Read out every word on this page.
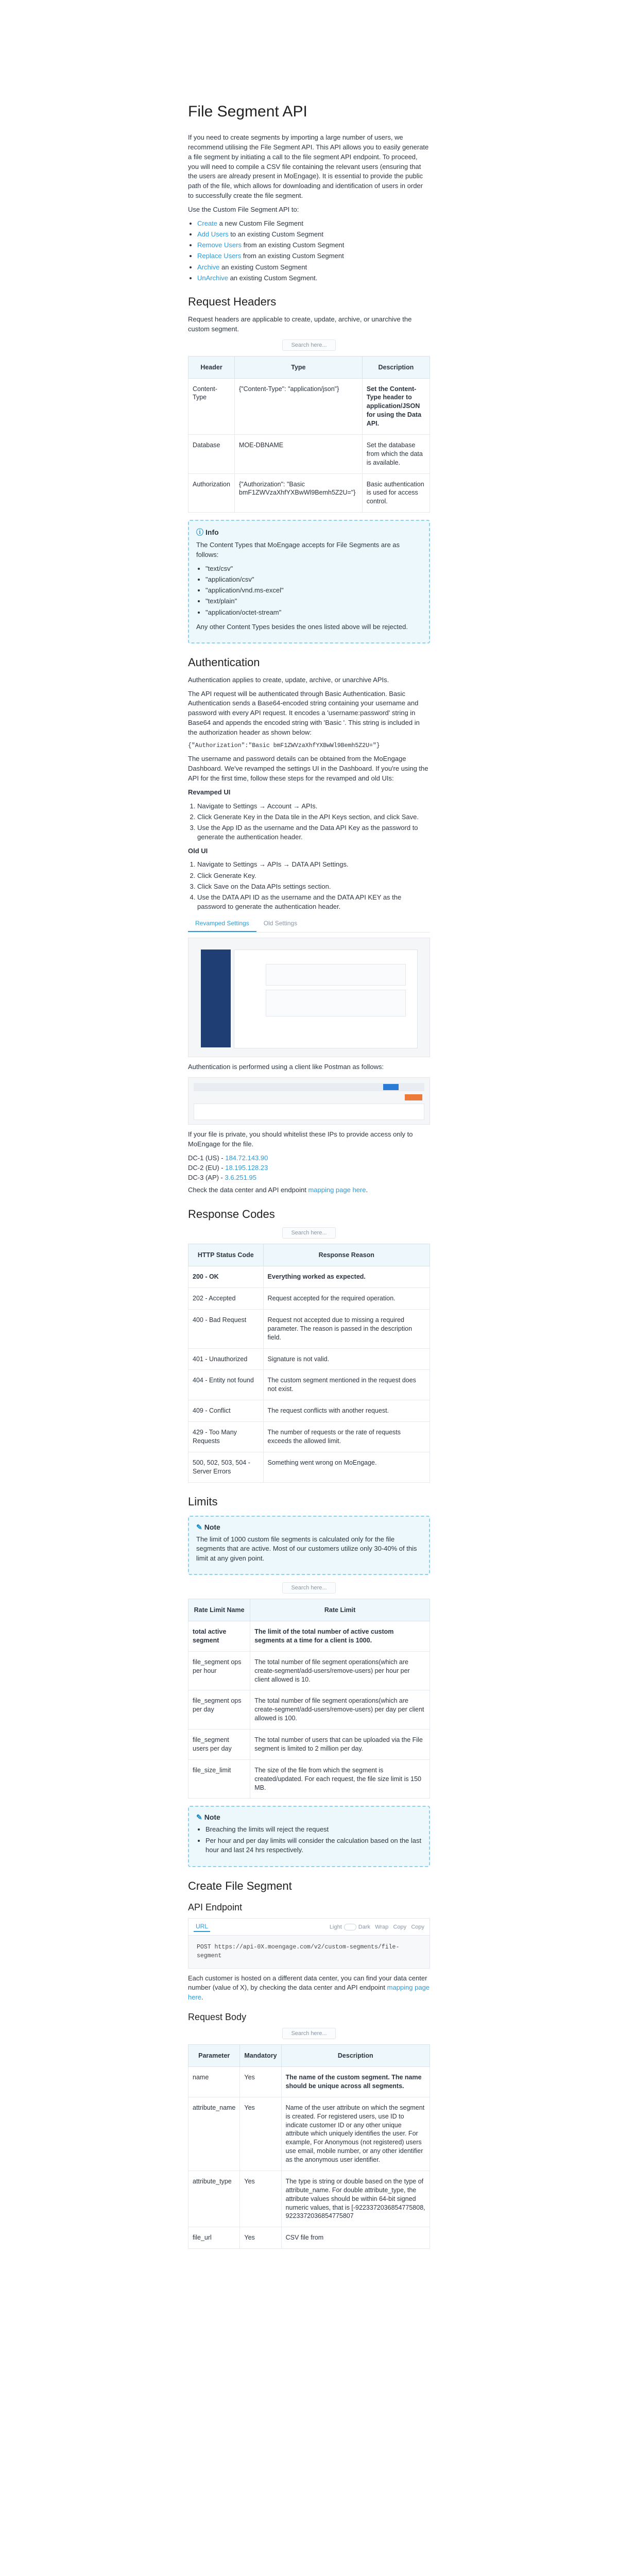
File Segment API

If you need to create segments by importing a large number of users, we recommend utilising the File Segment API. This API allows you to easily generate a file segment by initiating a call to the file segment API endpoint. To proceed, you will need to compile a CSV file containing the relevant users (ensuring that the users are already present in MoEngage). It is essential to provide the public path of the file, which allows for downloading and identification of users in order to successfully create the file segment.

Use the Custom File Segment API to:

• Create a new Custom File Segment
• Add Users to an existing Custom Segment
• Remove Users from an existing Custom Segment
• Replace Users from an existing Custom Segment
• Archive an existing Custom Segment
• UnArchive an existing Custom Segment.
Request Headers

Request headers are applicable to create, update, archive, or unarchive the custom segment.

Search here...
Header	Type	Description
Content-Type	{"Content-Type": "application/json"}	Set the Content-Type header to application/JSON for using the Data API.
Database	MOE-DBNAME	Set the database from which the data is available.
Authorization	{"Authorization": "Basic bmF1ZWVzaXhfYXBwWl9Bemh5Z2U="}	Basic authentication is used for access control.
ⓘ Info

The Content Types that MoEngage accepts for File Segments are as follows:

• "text/csv"
• "application/csv"
• "application/vnd.ms-excel"
• "text/plain"
• "application/octet-stream"

Any other Content Types besides the ones listed above will be rejected.

Authentication

Authentication applies to create, update, archive, or unarchive APIs.

The API request will be authenticated through Basic Authentication. Basic Authentication sends a Base64-encoded string containing your username and password with every API request. It encodes a 'username:password' string in Base64 and appends the encoded string with 'Basic '. This string is included in the authorization header as shown below:

{"Authorization":"Basic bmF1ZWVzaXhfYXBwWl9Bemh5Z2U="}

The username and password details can be obtained from the MoEngage Dashboard. We've revamped the settings UI in the Dashboard. If you're using the API for the first time, follow these steps for the revamped and old UIs:

Revamped UI

1. Navigate to Settings → Account → APIs.
2. Click Generate Key in the Data tile in the API Keys section, and click Save.
3. Use the App ID as the username and the Data API Key as the password to generate the authentication header.

Old UI

1. Navigate to Settings → APIs → DATA API Settings.
2. Click Generate Key.
3. Click Save on the Data APIs settings section.
4. Use the DATA API ID as the username and the DATA API KEY as the password to generate the authentication header.
Revamped Settings	Old Settings

Authentication is performed using a client like Postman as follows:

If your file is private, you should whitelist these IPs to provide access only to MoEngage for the file.

DC-1 (US) - 184.72.143.90

DC-2 (EU) - 18.195.128.23

DC-3 (AP) - 3.6.251.95

Check the data center and API endpoint mapping page here.

Response Codes
Search here...
HTTP Status Code	Response Reason
200 - OK	Everything worked as expected.
202 - Accepted	Request accepted for the required operation.
400 - Bad Request	Request not accepted due to missing a required parameter. The reason is passed in the description field.
401 - Unauthorized	Signature is not valid.
404 - Entity not found	The custom segment mentioned in the request does not exist.
409 - Conflict	The request conflicts with another request.
429 - Too Many Requests	The number of requests or the rate of requests exceeds the allowed limit.
500, 502, 503, 504 - Server Errors	Something went wrong on MoEngage.
Limits
✎ Note

The limit of 1000 custom file segments is calculated only for the file segments that are active. Most of our customers utilize only 30-40% of this limit at any given point.

Search here...
Rate Limit Name	Rate Limit
total active segment	The limit of the total number of active custom segments at a time for a client is 1000.
file_segment ops per hour	The total number of file segment operations(which are create-segment/add-users/remove-users) per hour per client allowed is 10.
file_segment ops per day	The total number of file segment operations(which are create-segment/add-users/remove-users) per day per client allowed is 100.
file_segment users per day	The total number of users that can be uploaded via the File segment is limited to 2 million per day.
file_size_limit	The size of the file from which the segment is created/updated. For each request, the file size limit is 150 MB.
✎ Note
• Breaching the limits will reject the request
• Per hour and per day limits will consider the calculation based on the last hour and last 24 hrs respectively.
Create File Segment
API Endpoint
URL	Light	Dark Wrap Copy Copy
POST https://api-0X.moengage.com/v2/custom-segments/file-segment

Each customer is hosted on a different data center, you can find your data center number (value of X), by checking the data center and API endpoint mapping page here.

Request Body
Search here...
Parameter	Mandatory	Description
name	Yes	The name of the custom segment. The name should be unique across all segments.
attribute_name	Yes	Name of the user attribute on which the segment is created. For registered users, use ID to indicate customer ID or any other unique attribute which uniquely identifies the user. For example, For Anonymous (not registered) users use email, mobile number, or any other identifier as the anonymous user identifier.
attribute_type	Yes	The type is string or double based on the type of attribute_name. For double attribute_type, the attribute values should be within 64-bit signed numeric values, that is [-9223372036854775808, 9223372036854775807
file_url	Yes	CSV file from
